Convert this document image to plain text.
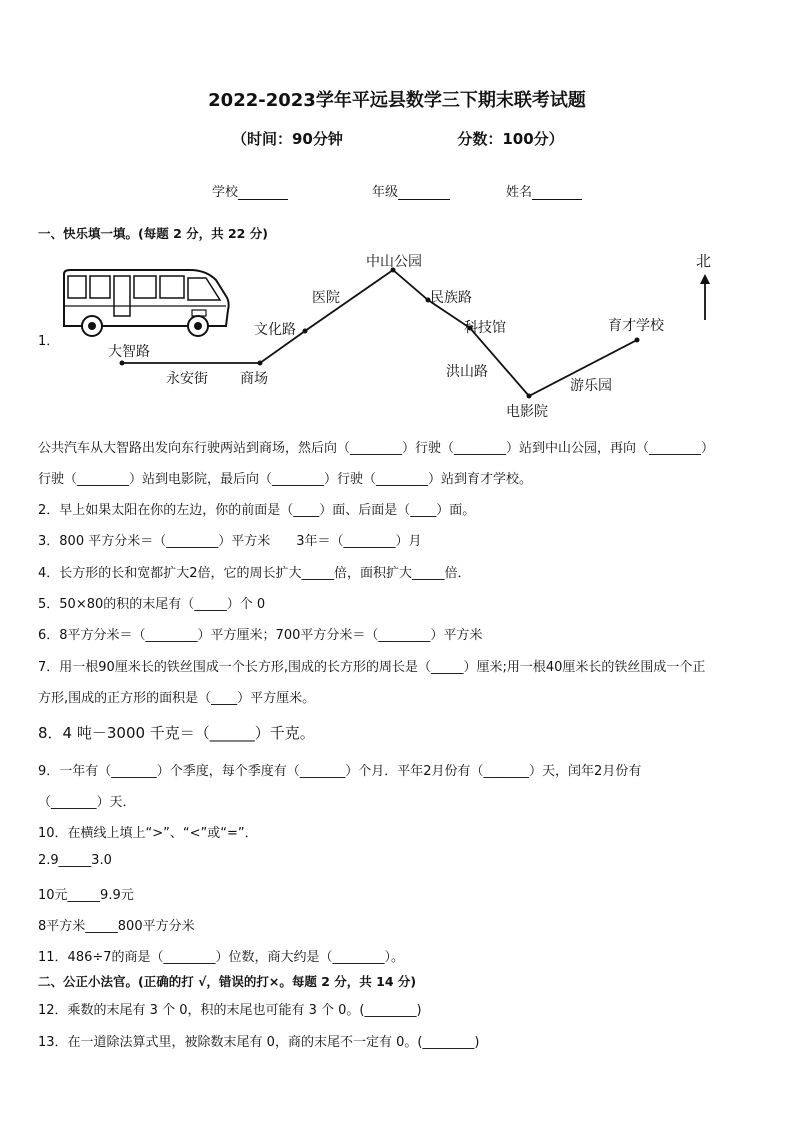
2022-2023学年平远县数学三下期末联考试题
（时间：90分钟	分数：100分）
学校	年级	姓名
一、快乐填一填。(每题 2 分，共 22 分)
1．
大智路
永安街 商场
文化路
医院
中山公园
民族路
科技馆
洪山路
电影院
游乐园
育才学校
北
公共汽车从大智路出发向东行驶两站到商场，然后向（________）行驶（________）站到中山公园，再向（________）
行驶（________）站到电影院，最后向（________）行驶（________）站到育才学校。
2．早上如果太阳在你的左边，你的前面是（____）面、后面是（____）面。
3．800 平方分米＝（________）平方米　　3年＝（________）月
4．长方形的长和宽都扩大2倍，它的周长扩大_____倍，面积扩大_____倍．
5．50×80的积的末尾有（_____）个 0
6．8平方分米＝（________）平方厘米；700平方分米＝（________）平方米
7．用一根90厘米长的铁丝围成一个长方形,围成的长方形的周长是（_____）厘米;用一根40厘米长的铁丝围成一个正
方形,围成的正方形的面积是（____）平方厘米。
8．4 吨－3000 千克＝（______）千克。
9．一年有（_______）个季度，每个季度有（_______）个月．平年2月份有（_______）天，闰年2月份有
（_______）天．
10．在横线上填上“>”、“<”或“=”．
2.9_____3.0
10元_____9.9元
8平方米_____800平方分米
11．486÷7的商是（________）位数，商大约是（________）。
二、公正小法官。(正确的打 √，错误的打×。每题 2 分，共 14 分)
12．乘数的末尾有 3 个 0，积的末尾也可能有 3 个 0。(________)
13．在一道除法算式里，被除数末尾有 0，商的末尾不一定有 0。(________)
